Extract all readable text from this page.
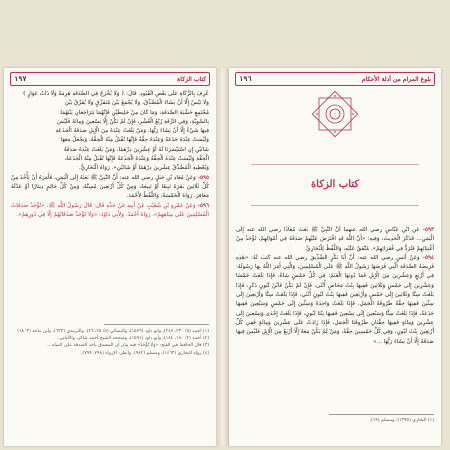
كتاب الزكاة
١٩٧
عُرِفَ بِالزَّكَاةِ عَلَى بَعْضِ الْقُيُودِ. قَالَ: ﴿ وَلَا يُخْرَجُ فِي الصَّدَقَةِ هَرِمَةٌ وَلَا ذَاتُ عَوَارٍ ﴾
وَلَا تَيْسٌ إِلَّا أَنْ يَشَاءَ الْمُصَّدِّقُ، وَلَا يُجْمَعُ بَيْنَ مُتَفَرِّقٍ وَلَا يُفَرَّقُ بَيْنَ
مُجْتَمِعٍ خَشْيَةَ الصَّدَقَةِ، وَمَا كَانَ مِنْ خَلِيطَيْنِ فَإِنَّهُمَا يَتَرَاجَعَانِ بَيْنَهُمَا
بِالسَّوِيَّةِ، وَفِي الرِّقَةِ رُبْعُ الْعُشْرِ، فَإِنْ لَمْ تَكُنْ إِلَّا تِسْعِينَ وَمِائَةً فَلَيْسَ
فِيهَا شَيْءٌ إِلَّا أَنْ يَشَاءَ رَبُّهَا. وَمَنْ بَلَغَتْ عِنْدَهُ مِنَ الْإِبِلِ صَدَقَةُ الْجَذَعَةِ
وَلَيْسَتْ عِنْدَهُ جَذَعَةٌ وَعِنْدَهُ حِقَّةٌ فَإِنَّهَا تُقْبَلُ مِنْهُ الْحِقَّةُ، وَيَجْعَلُ مَعَهَا
شَاتَيْنِ إِنِ اسْتَيْسَرَتَا لَهُ أَوْ عِشْرِينَ دِرْهَمًا، وَمَنْ بَلَغَتْ عِنْدَهُ صَدَقَةُ
الْحِقَّةِ وَلَيْسَتْ عِنْدَهُ الْحِقَّةُ وَعِنْدَهُ الْجَذَعَةُ فَإِنَّهَا تُقْبَلُ مِنْهُ الْجَذَعَةُ،
وَيُعْطِيهِ الْمُصَّدِّقُ عِشْرِينَ دِرْهَمًا أَوْ شَاتَيْنِ». رَوَاهُ الْبُخَارِيُّ.
٥٩٥- وَعَنْ مُعَاذِ بْنِ جَبَلٍ رضي الله عنه: أَنَّ النَّبِيَّ ﷺ بَعَثَهُ إِلَى الْيَمَنِ، فَأَمَرَهُ أَنْ يَأْخُذَ مِنْ كُلِّ ثَلَاثِينَ بَقَرَةً تَبِيعًا أَوْ تَبِيعَةً، وَمِنْ كُلِّ أَرْبَعِينَ مُسِنَّةً، وَمِنْ كُلِّ حَالِمٍ دِينَارًا أَوْ عَدْلَهُ مَعَافِرَ. رَوَاهُ الْخَمْسَةُ، وَاللَّفْظُ لِأَحْمَدَ.
٥٩٦- وَعَنْ عَمْرِو بْنِ شُعَيْبٍ عَنْ أَبِيهِ عَنْ جَدِّهِ قَالَ: قَالَ رَسُولُ اللَّهِ ﷺ: «تُؤْخَذُ صَدَقَاتُ الْمُسْلِمِينَ عَلَى مِيَاهِهِمْ». رَوَاهُ أَحْمَدُ. وَلِأَبِي دَاوُدَ: «وَلَا تُؤْخَذُ صَدَقَاتُهُمْ إِلَّا فِي دُورِهِمْ».
(١) أحمد (٥/ ٢٣٠، ٢٤٧)، وأبو داود (١٥٧٦)، والنسائي (٥/ ٢٥، ٢٦)، والترمذي (٦٢٣)، وابن ماجه (١٨٠٣)
(٢) أحمد (٢/ ١٨٠، ١٨٤)، وأبو داود (١٥٩١)، وصححه الشيخ أحمد شاكر، والألباني.
(٣) قال الحافظ في الفتح: «وَلَا تُؤْخَذُ» فيه بيان أن المصدق يأخذ الصدقة على المياه ...
(٤) رواه البخاري (١٤٦٣)، ومسلم (٩٨٢). وانظر: الإرواء (٧٩٨، ٧٩٩).
بلوغ المرام من أدلة الأحكام
١٩٦
كتاب الزكاة
٥٩٣- عَنِ ابْنِ عَبَّاسٍ رضي الله عنهما أَنَّ النَّبِيَّ ﷺ بَعَثَ مُعَاذًا رضي الله عنه إِلَى الْيَمَنِ... فَذَكَرَ الْحَدِيثَ، وَفِيهِ: «أَنَّ اللَّهَ قَدِ افْتَرَضَ عَلَيْهِمْ صَدَقَةً فِي أَمْوَالِهِمْ، تُؤْخَذُ مِنْ أَغْنِيَائِهِمْ فَتُرَدُّ فِي فُقَرَائِهِمْ». مُتَّفَقٌ عَلَيْهِ، وَاللَّفْظُ لِلْبُخَارِيِّ.
٥٩٤- وَعَنْ أَنَسٍ رضي الله عنه: أَنَّ أَبَا بَكْرٍ الصِّدِّيقَ رضي الله عنه كَتَبَ لَهُ: «هَذِهِ فَرِيضَةُ الصَّدَقَةِ الَّتِي فَرَضَهَا رَسُولُ اللَّهِ ﷺ عَلَى الْمُسْلِمِينَ، وَالَّتِي أَمَرَ اللَّهُ بِهَا رَسُولَهُ: فِي أَرْبَعٍ وَعِشْرِينَ مِنَ الْإِبِلِ فَمَا دُونَهَا الْغَنَمُ: فِي كُلِّ خَمْسٍ شَاةٌ، فَإِذَا بَلَغَتْ خَمْسًا وَعِشْرِينَ إِلَى خَمْسٍ وَثَلَاثِينَ فَفِيهَا بِنْتُ مَخَاضٍ أُنْثَى، فَإِنْ لَمْ تَكُنْ فَابْنُ لَبُونٍ ذَكَرٍ، فَإِذَا بَلَغَتْ سِتًّا وَثَلَاثِينَ إِلَى خَمْسٍ وَأَرْبَعِينَ فَفِيهَا بِنْتُ لَبُونٍ أُنْثَى، فَإِذَا بَلَغَتْ سِتًّا وَأَرْبَعِينَ إِلَى سِتِّينَ فَفِيهَا حِقَّةٌ طَرُوقَةُ الْجَمَلِ، فَإِذَا بَلَغَتْ وَاحِدَةً وَسِتِّينَ إِلَى خَمْسٍ وَسَبْعِينَ فَفِيهَا جَذَعَةٌ، فَإِذَا بَلَغَتْ سِتًّا وَسَبْعِينَ إِلَى تِسْعِينَ فَفِيهَا بِنْتَا لَبُونٍ، فَإِذَا بَلَغَتْ إِحْدَى وَتِسْعِينَ إِلَى عِشْرِينَ وَمِائَةٍ فَفِيهَا حِقَّتَانِ طَرُوقَتَا الْجَمَلِ، فَإِذَا زَادَتْ عَلَى عِشْرِينَ وَمِائَةٍ فَفِي كُلِّ أَرْبَعِينَ بِنْتُ لَبُونٍ، وَفِي كُلِّ خَمْسِينَ حِقَّةٌ، وَمَنْ لَمْ يَكُنْ مَعَهُ إِلَّا أَرْبَعٌ مِنَ الْإِبِلِ فَلَيْسَ فِيهَا صَدَقَةٌ إِلَّا أَنْ يَشَاءَ رَبُّهَا ...»
(١) البخاري (١٣٩٥)، ومسلم (١٩).
